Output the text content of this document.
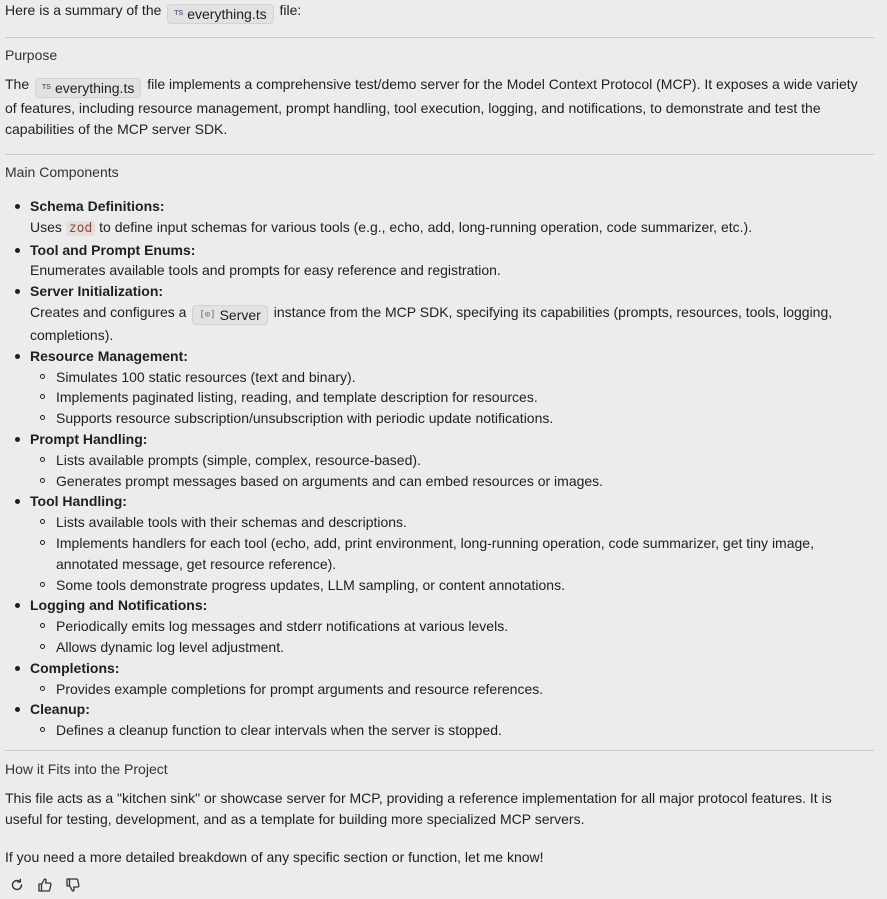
Here is a summary of the TS everything.ts file:
Purpose
The TS everything.ts file implements a comprehensive test/demo server for the Model Context Protocol (MCP). It exposes a wide variety of features, including resource management, prompt handling, tool execution, logging, and notifications, to demonstrate and test the capabilities of the MCP server SDK.
Main Components
Schema Definitions:
Uses zod to define input schemas for various tools (e.g., echo, add, long-running operation, code summarizer, etc.).
Tool and Prompt Enums:
Enumerates available tools and prompts for easy reference and registration.
Server Initialization:
Creates and configures a [⊙] Server instance from the MCP SDK, specifying its capabilities (prompts, resources, tools, logging, completions).
Resource Management:
Simulates 100 static resources (text and binary).
Implements paginated listing, reading, and template description for resources.
Supports resource subscription/unsubscription with periodic update notifications.
Prompt Handling:
Lists available prompts (simple, complex, resource-based).
Generates prompt messages based on arguments and can embed resources or images.
Tool Handling:
Lists available tools with their schemas and descriptions.
Implements handlers for each tool (echo, add, print environment, long-running operation, code summarizer, get tiny image, annotated message, get resource reference).
Some tools demonstrate progress updates, LLM sampling, or content annotations.
Logging and Notifications:
Periodically emits log messages and stderr notifications at various levels.
Allows dynamic log level adjustment.
Completions:
Provides example completions for prompt arguments and resource references.
Cleanup:
Defines a cleanup function to clear intervals when the server is stopped.
How it Fits into the Project
This file acts as a "kitchen sink" or showcase server for MCP, providing a reference implementation for all major protocol features. It is useful for testing, development, and as a template for building more specialized MCP servers.
If you need a more detailed breakdown of any specific section or function, let me know!
